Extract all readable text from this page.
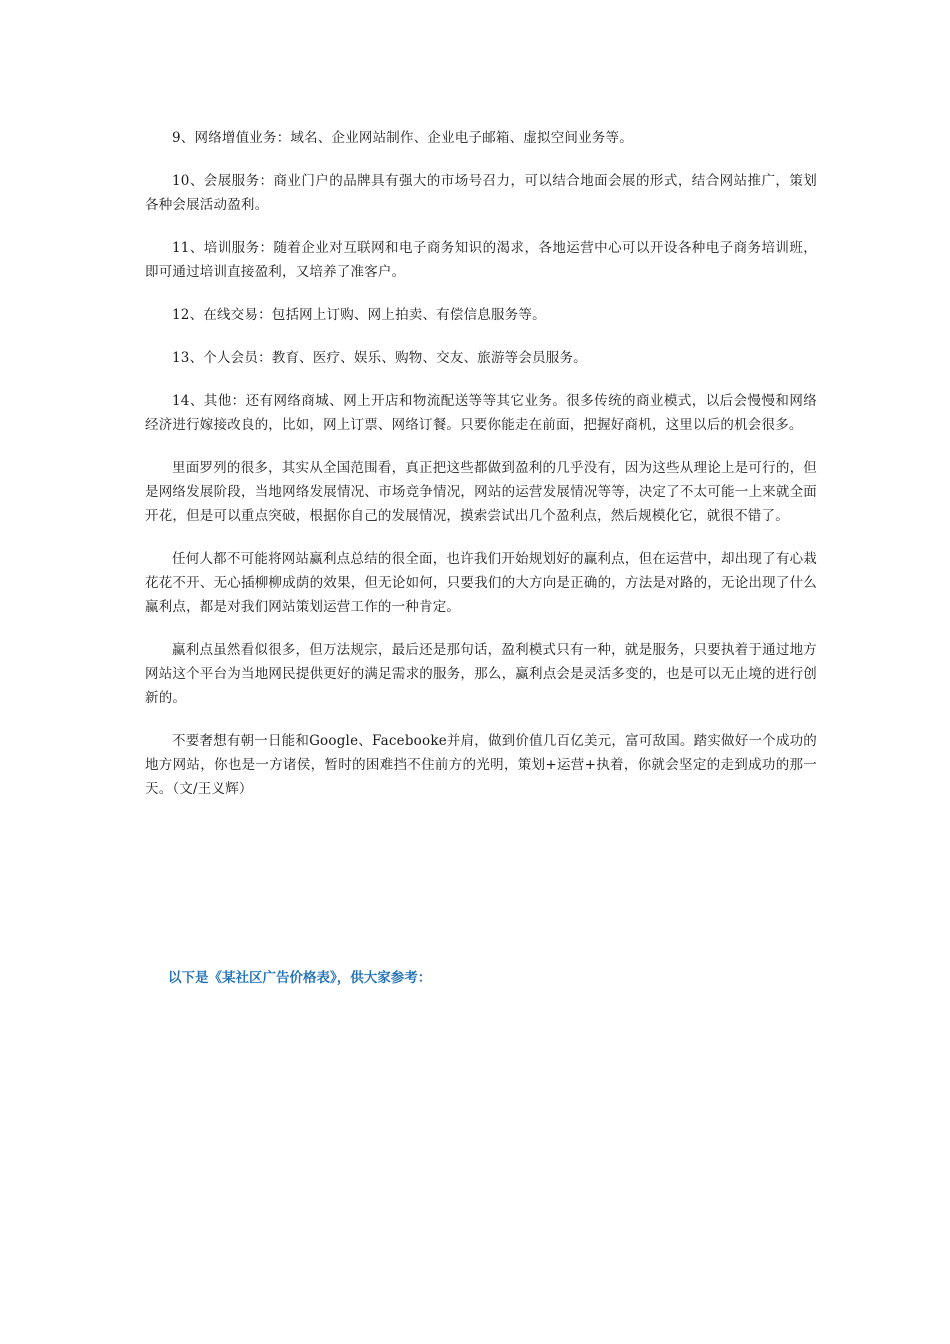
9、网络增值业务：域名、企业网站制作、企业电子邮箱、虚拟空间业务等。

10、会展服务：商业门户的品牌具有强大的市场号召力，可以结合地面会展的形式，结合网站推广，策划各种会展活动盈利。

11、培训服务：随着企业对互联网和电子商务知识的渴求，各地运营中心可以开设各种电子商务培训班，即可通过培训直接盈利，又培养了准客户。

12、在线交易：包括网上订购、网上拍卖、有偿信息服务等。

13、个人会员：教育、医疗、娱乐、购物、交友、旅游等会员服务。

14、其他：还有网络商城、网上开店和物流配送等等其它业务。很多传统的商业模式，以后会慢慢和网络经济进行嫁接改良的，比如，网上订票、网络订餐。只要你能走在前面，把握好商机，这里以后的机会很多。

里面罗列的很多，其实从全国范围看，真正把这些都做到盈利的几乎没有，因为这些从理论上是可行的，但是网络发展阶段，当地网络发展情况、市场竞争情况，网站的运营发展情况等等，决定了不太可能一上来就全面开花，但是可以重点突破，根据你自己的发展情况，摸索尝试出几个盈利点，然后规模化它，就很不错了。

任何人都不可能将网站赢利点总结的很全面，也许我们开始规划好的赢利点，但在运营中，却出现了有心栽花花不开、无心插柳柳成荫的效果，但无论如何，只要我们的大方向是正确的，方法是对路的，无论出现了什么赢利点，都是对我们网站策划运营工作的一种肯定。

赢利点虽然看似很多，但万法规宗，最后还是那句话，盈利模式只有一种，就是服务，只要执着于通过地方网站这个平台为当地网民提供更好的满足需求的服务，那么，赢利点会是灵活多变的，也是可以无止境的进行创新的。

不要奢想有朝一日能和Google、Facebooke并肩，做到价值几百亿美元，富可敌国。踏实做好一个成功的地方网站，你也是一方诸侯，暂时的困难挡不住前方的光明，策划+运营+执着，你就会坚定的走到成功的那一天。（文/王义辉）

以下是《某社区广告价格表》，供大家参考：
